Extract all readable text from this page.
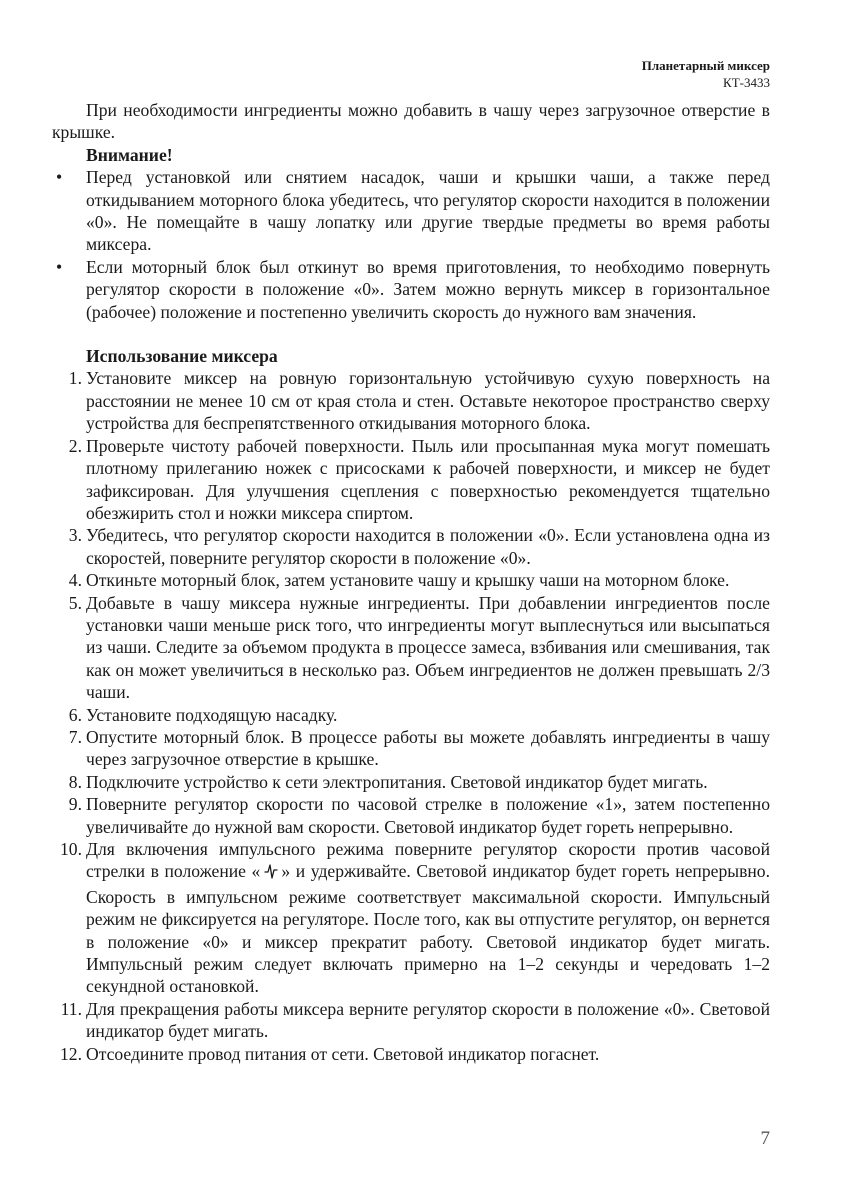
Планетарный миксер
КТ-3433

При необходимости ингредиенты можно добавить в чашу через загрузочное отверстие в крышке.

Внимание!

• Перед установкой или снятием насадок, чаши и крышки чаши, а также перед откидыванием моторного блока убедитесь, что регулятор скорости находится в положении «0». Не помещайте в чашу лопатку или другие твердые предметы во время работы миксера.
• Если моторный блок был откинут во время приготовления, то необходимо повернуть регулятор скорости в положение «0». Затем можно вернуть миксер в горизонтальное (рабочее) положение и постепенно увеличить скорость до нужного вам значения.

Использование миксера

1. Установите миксер на ровную горизонтальную устойчивую сухую поверхность на расстоянии не менее 10 см от края стола и стен. Оставьте некоторое пространство сверху устройства для беспрепятственного откидывания моторного блока.
2. Проверьте чистоту рабочей поверхности. Пыль или просыпанная мука могут помешать плотному прилеганию ножек с присосками к рабочей поверхности, и миксер не будет зафиксирован. Для улучшения сцепления с поверхностью рекомендуется тщательно обезжирить стол и ножки миксера спиртом.
3. Убедитесь, что регулятор скорости находится в положении «0». Если установлена одна из скоростей, поверните регулятор скорости в положение «0».
4. Откиньте моторный блок, затем установите чашу и крышку чаши на моторном блоке.
5. Добавьте в чашу миксера нужные ингредиенты. При добавлении ингредиентов после установки чаши меньше риск того, что ингредиенты могут выплеснуться или высыпаться из чаши. Следите за объемом продукта в процессе замеса, взбивания или смешивания, так как он может увеличиться в несколько раз. Объем ингредиентов не должен превышать 2/3 чаши.
6. Установите подходящую насадку.
7. Опустите моторный блок. В процессе работы вы можете добавлять ингредиенты в чашу через загрузочное отверстие в крышке.
8. Подключите устройство к сети электропитания. Световой индикатор будет мигать.
9. Поверните регулятор скорости по часовой стрелке в положение «1», затем постепенно увеличивайте до нужной вам скорости. Световой индикатор будет гореть непрерывно.
10. Для включения импульсного режима поверните регулятор скорости против часовой стрелки в положение «   » и удерживайте. Световой индикатор будет гореть непрерывно. Скорость в импульсном режиме соответствует максимальной скорости. Импульсный режим не фиксируется на регуляторе. После того, как вы отпустите регулятор, он вернется в положение «0» и миксер прекратит работу. Световой индикатор будет мигать. Импульсный режим следует включать примерно на 1–2 секунды и чередовать 1–2 секундной остановкой.
11. Для прекращения работы миксера верните регулятор скорости в положение «0». Световой индикатор будет мигать.
12. Отсоедините провод питания от сети. Световой индикатор погаснет.
7
